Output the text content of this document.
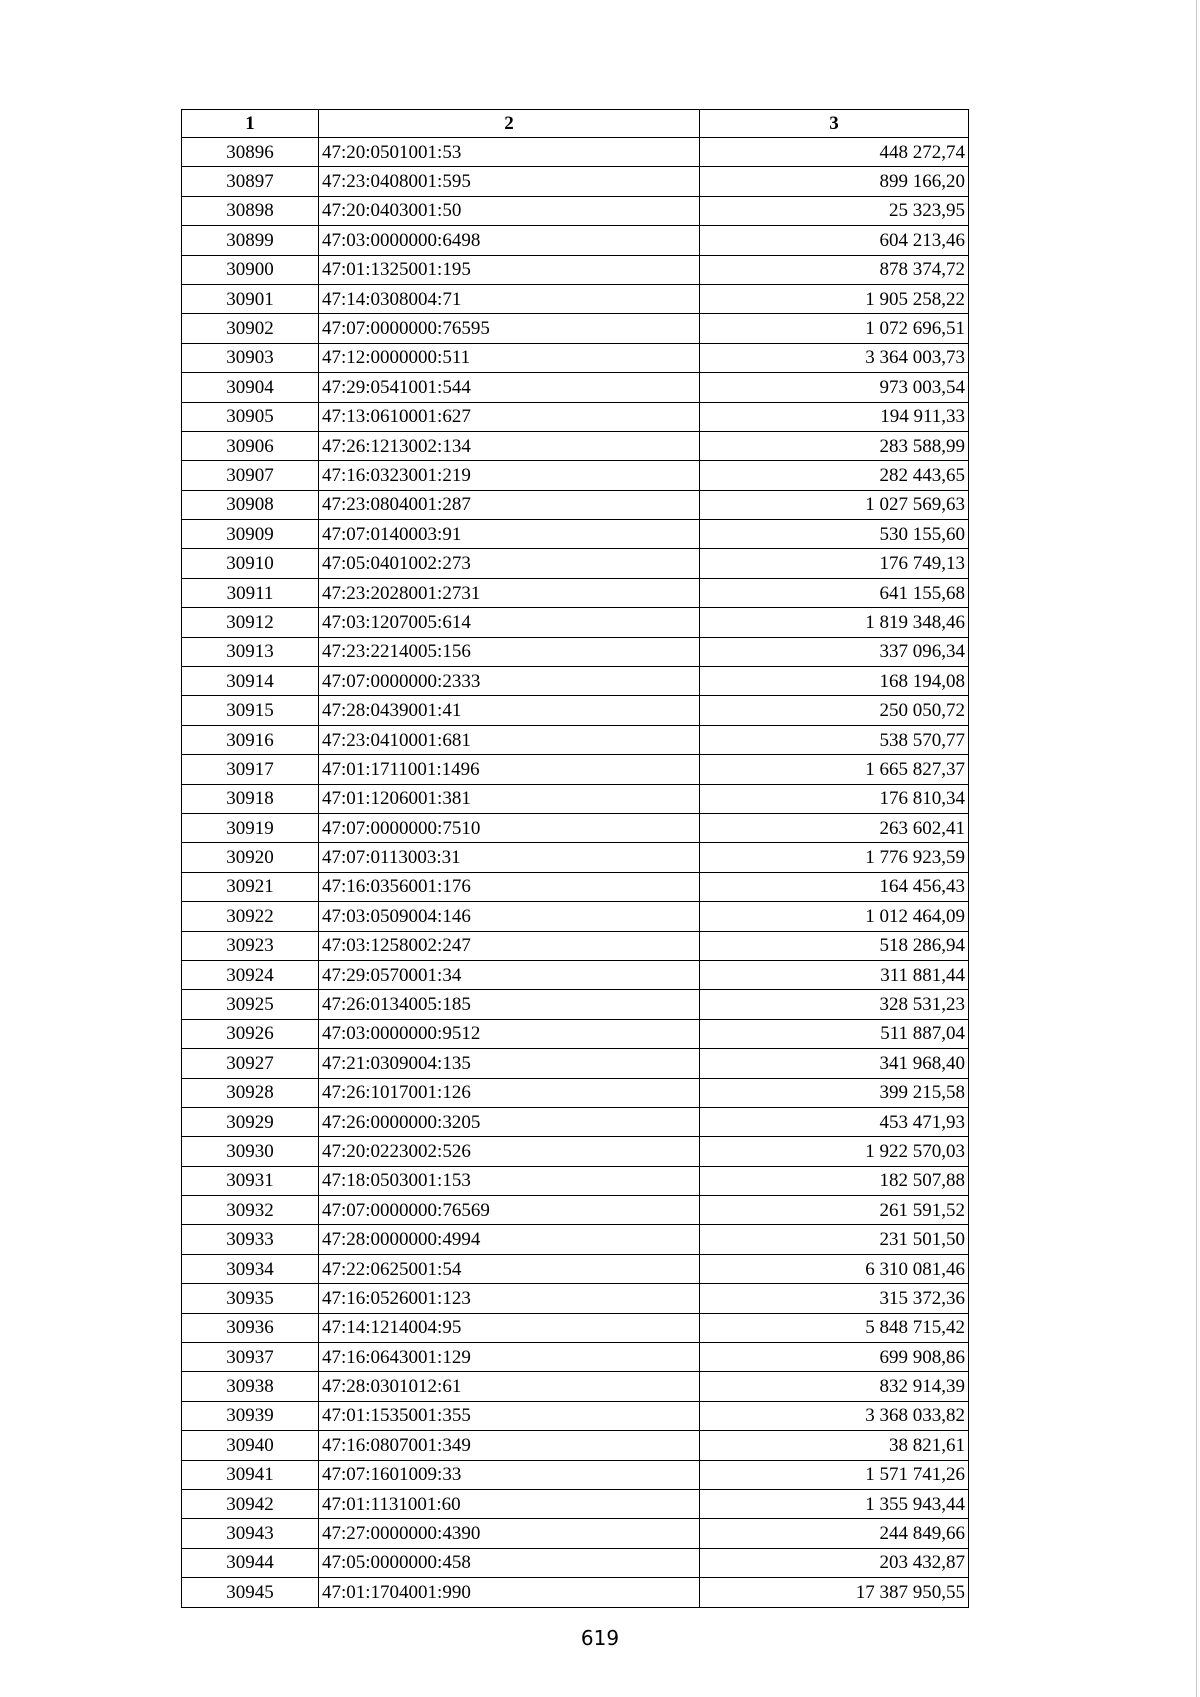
1	2	3
30896	47:20:0501001:53	448 272,74
30897	47:23:0408001:595	899 166,20
30898	47:20:0403001:50	25 323,95
30899	47:03:0000000:6498	604 213,46
30900	47:01:1325001:195	878 374,72
30901	47:14:0308004:71	1 905 258,22
30902	47:07:0000000:76595	1 072 696,51
30903	47:12:0000000:511	3 364 003,73
30904	47:29:0541001:544	973 003,54
30905	47:13:0610001:627	194 911,33
30906	47:26:1213002:134	283 588,99
30907	47:16:0323001:219	282 443,65
30908	47:23:0804001:287	1 027 569,63
30909	47:07:0140003:91	530 155,60
30910	47:05:0401002:273	176 749,13
30911	47:23:2028001:2731	641 155,68
30912	47:03:1207005:614	1 819 348,46
30913	47:23:2214005:156	337 096,34
30914	47:07:0000000:2333	168 194,08
30915	47:28:0439001:41	250 050,72
30916	47:23:0410001:681	538 570,77
30917	47:01:1711001:1496	1 665 827,37
30918	47:01:1206001:381	176 810,34
30919	47:07:0000000:7510	263 602,41
30920	47:07:0113003:31	1 776 923,59
30921	47:16:0356001:176	164 456,43
30922	47:03:0509004:146	1 012 464,09
30923	47:03:1258002:247	518 286,94
30924	47:29:0570001:34	311 881,44
30925	47:26:0134005:185	328 531,23
30926	47:03:0000000:9512	511 887,04
30927	47:21:0309004:135	341 968,40
30928	47:26:1017001:126	399 215,58
30929	47:26:0000000:3205	453 471,93
30930	47:20:0223002:526	1 922 570,03
30931	47:18:0503001:153	182 507,88
30932	47:07:0000000:76569	261 591,52
30933	47:28:0000000:4994	231 501,50
30934	47:22:0625001:54	6 310 081,46
30935	47:16:0526001:123	315 372,36
30936	47:14:1214004:95	5 848 715,42
30937	47:16:0643001:129	699 908,86
30938	47:28:0301012:61	832 914,39
30939	47:01:1535001:355	3 368 033,82
30940	47:16:0807001:349	38 821,61
30941	47:07:1601009:33	1 571 741,26
30942	47:01:1131001:60	1 355 943,44
30943	47:27:0000000:4390	244 849,66
30944	47:05:0000000:458	203 432,87
30945	47:01:1704001:990	17 387 950,55
619
